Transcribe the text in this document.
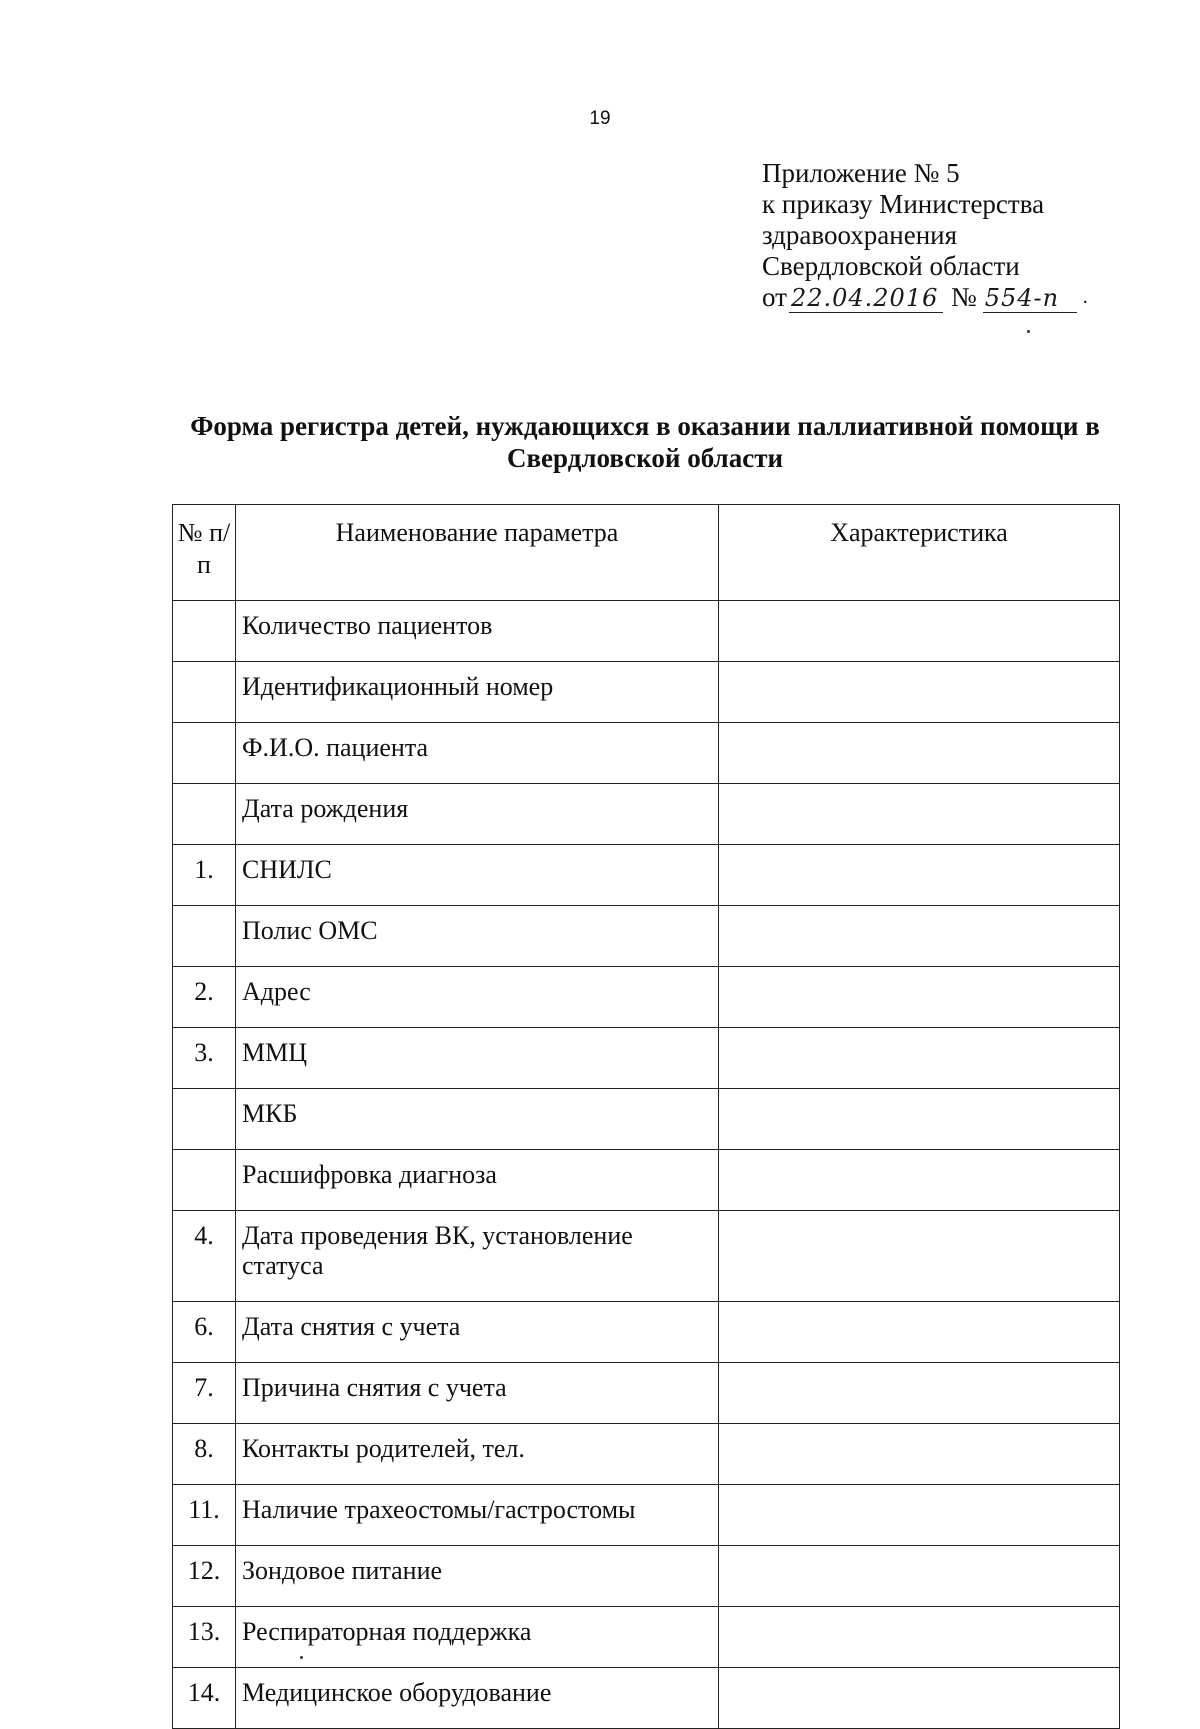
19
Приложение № 5
к приказу Министерства
здравоохранения
Свердловской области
от 22.04.2016 № 554-п	.
Форма регистра детей, нуждающихся в оказании паллиативной помощи в
Свердловской области
№ п/п	Наименование параметра	Характеристика
	Количество пациентов	
	Идентификационный номер	
	Ф.И.О. пациента	
	Дата рождения	
1.	СНИЛС	
	Полис ОМС	
2.	Адрес	
3.	ММЦ	
	МКБ	
	Расшифровка диагноза	
4.	Дата проведения ВК, установление статуса	
6.	Дата снятия с учета	
7.	Причина снятия с учета	
8.	Контакты родителей, тел.	
11.	Наличие трахеостомы/гастростомы	
12.	Зондовое питание	
13.	Респираторная поддержка	
14.	Медицинское оборудование	
